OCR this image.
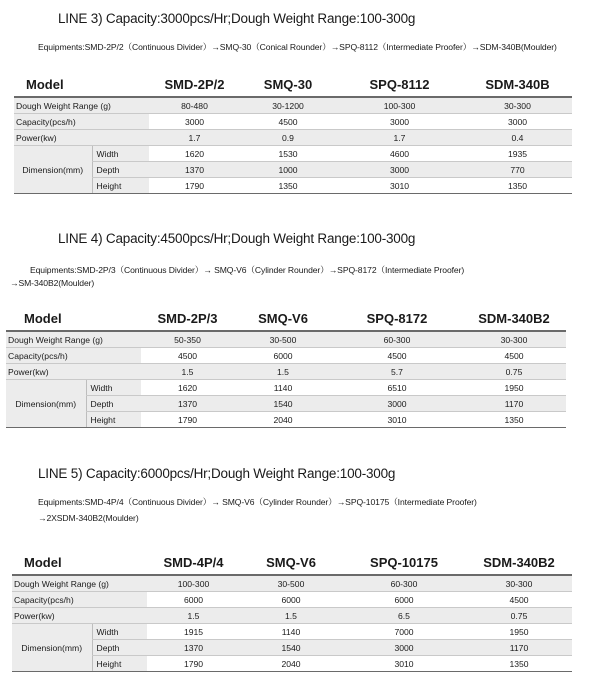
LINE 3) Capacity:3000pcs/Hr;Dough Weight Range:100-300g
Equipments:SMD-2P/2（Continuous Divider）→SMQ-30（Conical Rounder）→SPQ-8112（Intermediate Proofer）→SDM-340B(Moulder)
Model		SMD-2P/2	SMQ-30	SPQ-8112	SDM-340B
Dough Weight Range (g)		80-480	30-1200	100-300	30-300
Capacity(pcs/h)		3000	4500	3000	3000
Power(kw)		1.7	0.9	1.7	0.4
Dimension(mm)	Width	1620	1530	4600	1935
	Depth	1370	1000	3000	770
	Height	1790	1350	3010	1350
LINE 4) Capacity:4500pcs/Hr;Dough Weight Range:100-300g
Equipments:SMD-2P/3（Continuous Divider）→ SMQ-V6（Cylinder Rounder）→SPQ-8172（Intermediate Proofer)
→SM-340B2(Moulder)
Model		SMD-2P/3	SMQ-V6	SPQ-8172	SDM-340B2
Dough Weight Range (g)		50-350	30-500	60-300	30-300
Capacity(pcs/h)		4500	6000	4500	4500
Power(kw)		1.5	1.5	5.7	0.75
Dimension(mm)	Width	1620	1140	6510	1950
	Depth	1370	1540	3000	1170
	Height	1790	2040	3010	1350
LINE 5) Capacity:6000pcs/Hr;Dough Weight Range:100-300g
Equipments:SMD-4P/4（Continuous Divider）→ SMQ-V6（Cylinder Rounder）→SPQ-10175（Intermediate Proofer)
→2XSDM-340B2(Moulder)
Model		SMD-4P/4	SMQ-V6	SPQ-10175	SDM-340B2
Dough Weight Range (g)		100-300	30-500	60-300	30-300
Capacity(pcs/h)		6000	6000	6000	4500
Power(kw)		1.5	1.5	6.5	0.75
Dimension(mm)	Width	1915	1140	7000	1950
	Depth	1370	1540	3000	1170
	Height	1790	2040	3010	1350
